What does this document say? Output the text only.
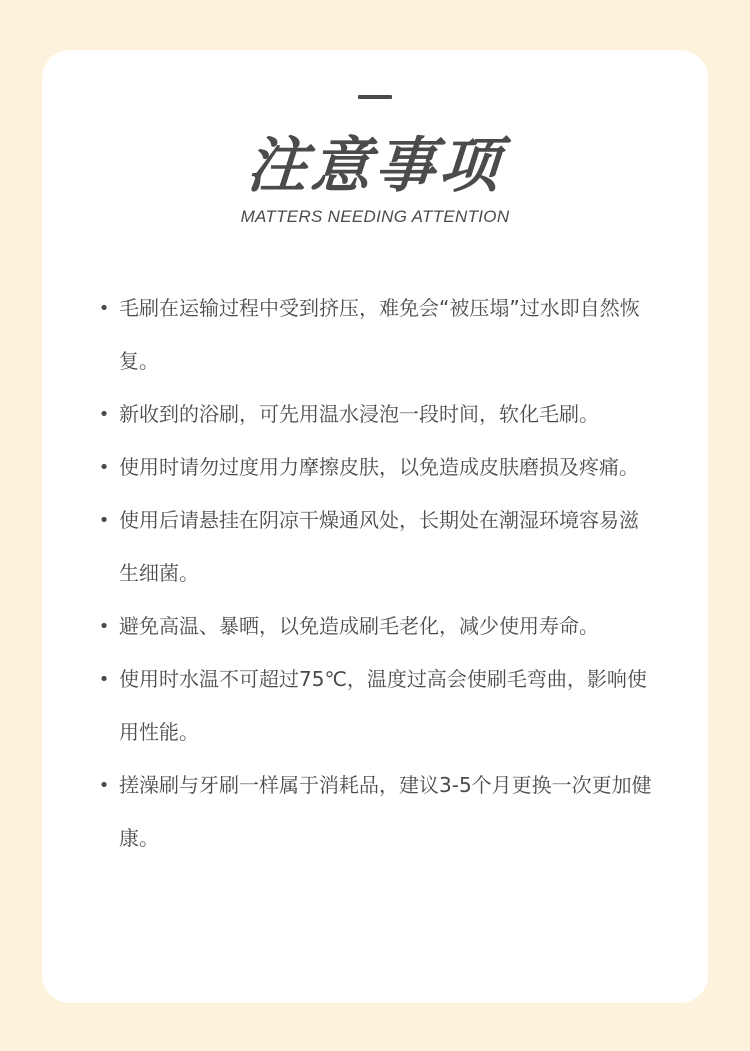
注意事项
MATTERS NEEDING ATTENTION
• 毛刷在运输过程中受到挤压，难免会“被压塌”过水即自然恢复。
• 新收到的浴刷，可先用温水浸泡一段时间，软化毛刷。
• 使用时请勿过度用力摩擦皮肤，以免造成皮肤磨损及疼痛。
• 使用后请悬挂在阴凉干燥通风处，长期处在潮湿环境容易滋生细菌。
• 避免高温、暴晒，以免造成刷毛老化，减少使用寿命。
• 使用时水温不可超过75℃，温度过高会使刷毛弯曲，影响使用性能。
• 搓澡刷与牙刷一样属于消耗品，建议3-5个月更换一次更加健康。
